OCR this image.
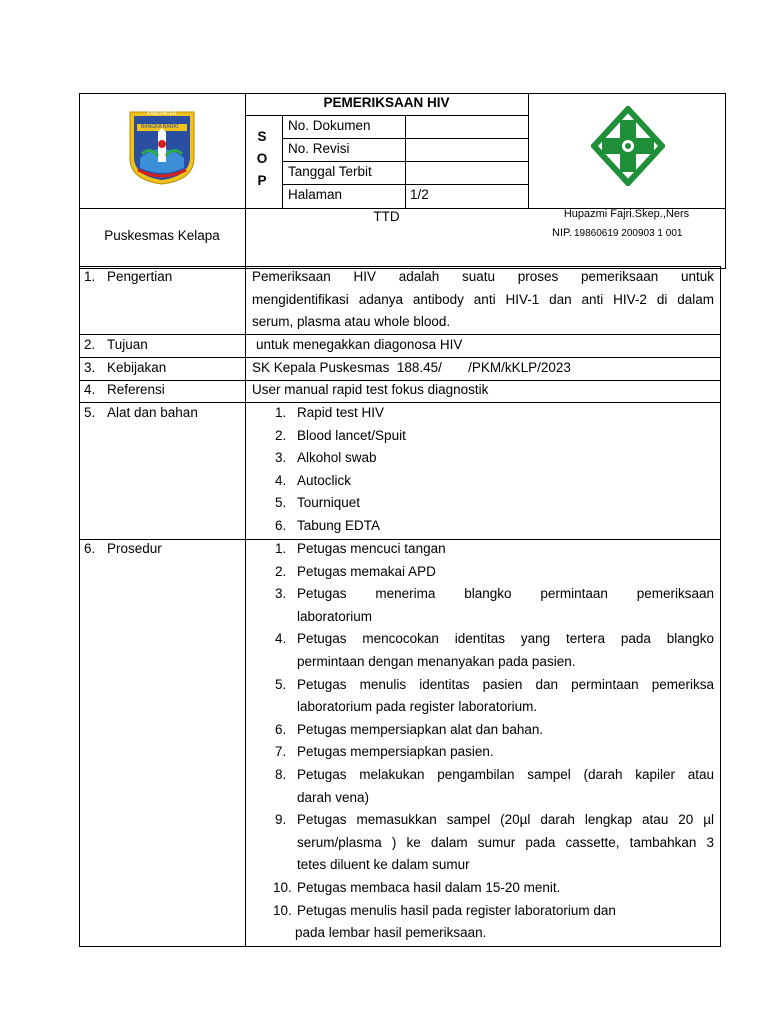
KABUPATEN
BANGKA BARAT
PEMERIKSAAN HIV
S
O
P
No. Dokumen
No. Revisi
Tanggal Terbit
Halaman	1/2
Puskesmas Kelapa
TTD	Hupazmi Fajri.Skep.,Ners
NIP. 19860619 200903 1 001
1. Pengertian	Pemeriksaan HIV adalah suatu proses pemeriksaan untuk
mengidentifikasi adanya antibody anti HIV-1 dan anti HIV-2 di dalam
serum, plasma atau whole blood.
2. Tujuan	untuk menegakkan diagonosa HIV
3. Kebijakan	SK Kepala Puskesmas  188.45/       /PKM/kKLP/2023
4. Referensi	User manual rapid test fokus diagnostik
5. Alat dan bahan	1. Rapid test HIV
2. Blood lancet/Spuit
3. Alkohol swab
4. Autoclick
5. Tourniquet
6. Tabung EDTA
6. Prosedur	1. Petugas mencuci tangan
2. Petugas memakai APD
3. Petugas menerima blangko permintaan pemeriksaan
laboratorium
4. Petugas mencocokan identitas yang tertera pada blangko
permintaan dengan menanyakan pada pasien.
5. Petugas menulis identitas pasien dan permintaan pemeriksa
laboratorium pada register laboratorium.
6. Petugas mempersiapkan alat dan bahan.
7. Petugas mempersiapkan pasien.
8. Petugas melakukan pengambilan sampel (darah kapiler atau
darah vena)
9. Petugas memasukkan sampel (20µl darah lengkap atau 20 µl
serum/plasma ) ke dalam sumur pada cassette, tambahkan 3
tetes diluent ke dalam sumur
10. Petugas membaca hasil dalam 15-20 menit.
10. Petugas menulis hasil pada register laboratorium dan
pada lembar hasil pemeriksaan.
